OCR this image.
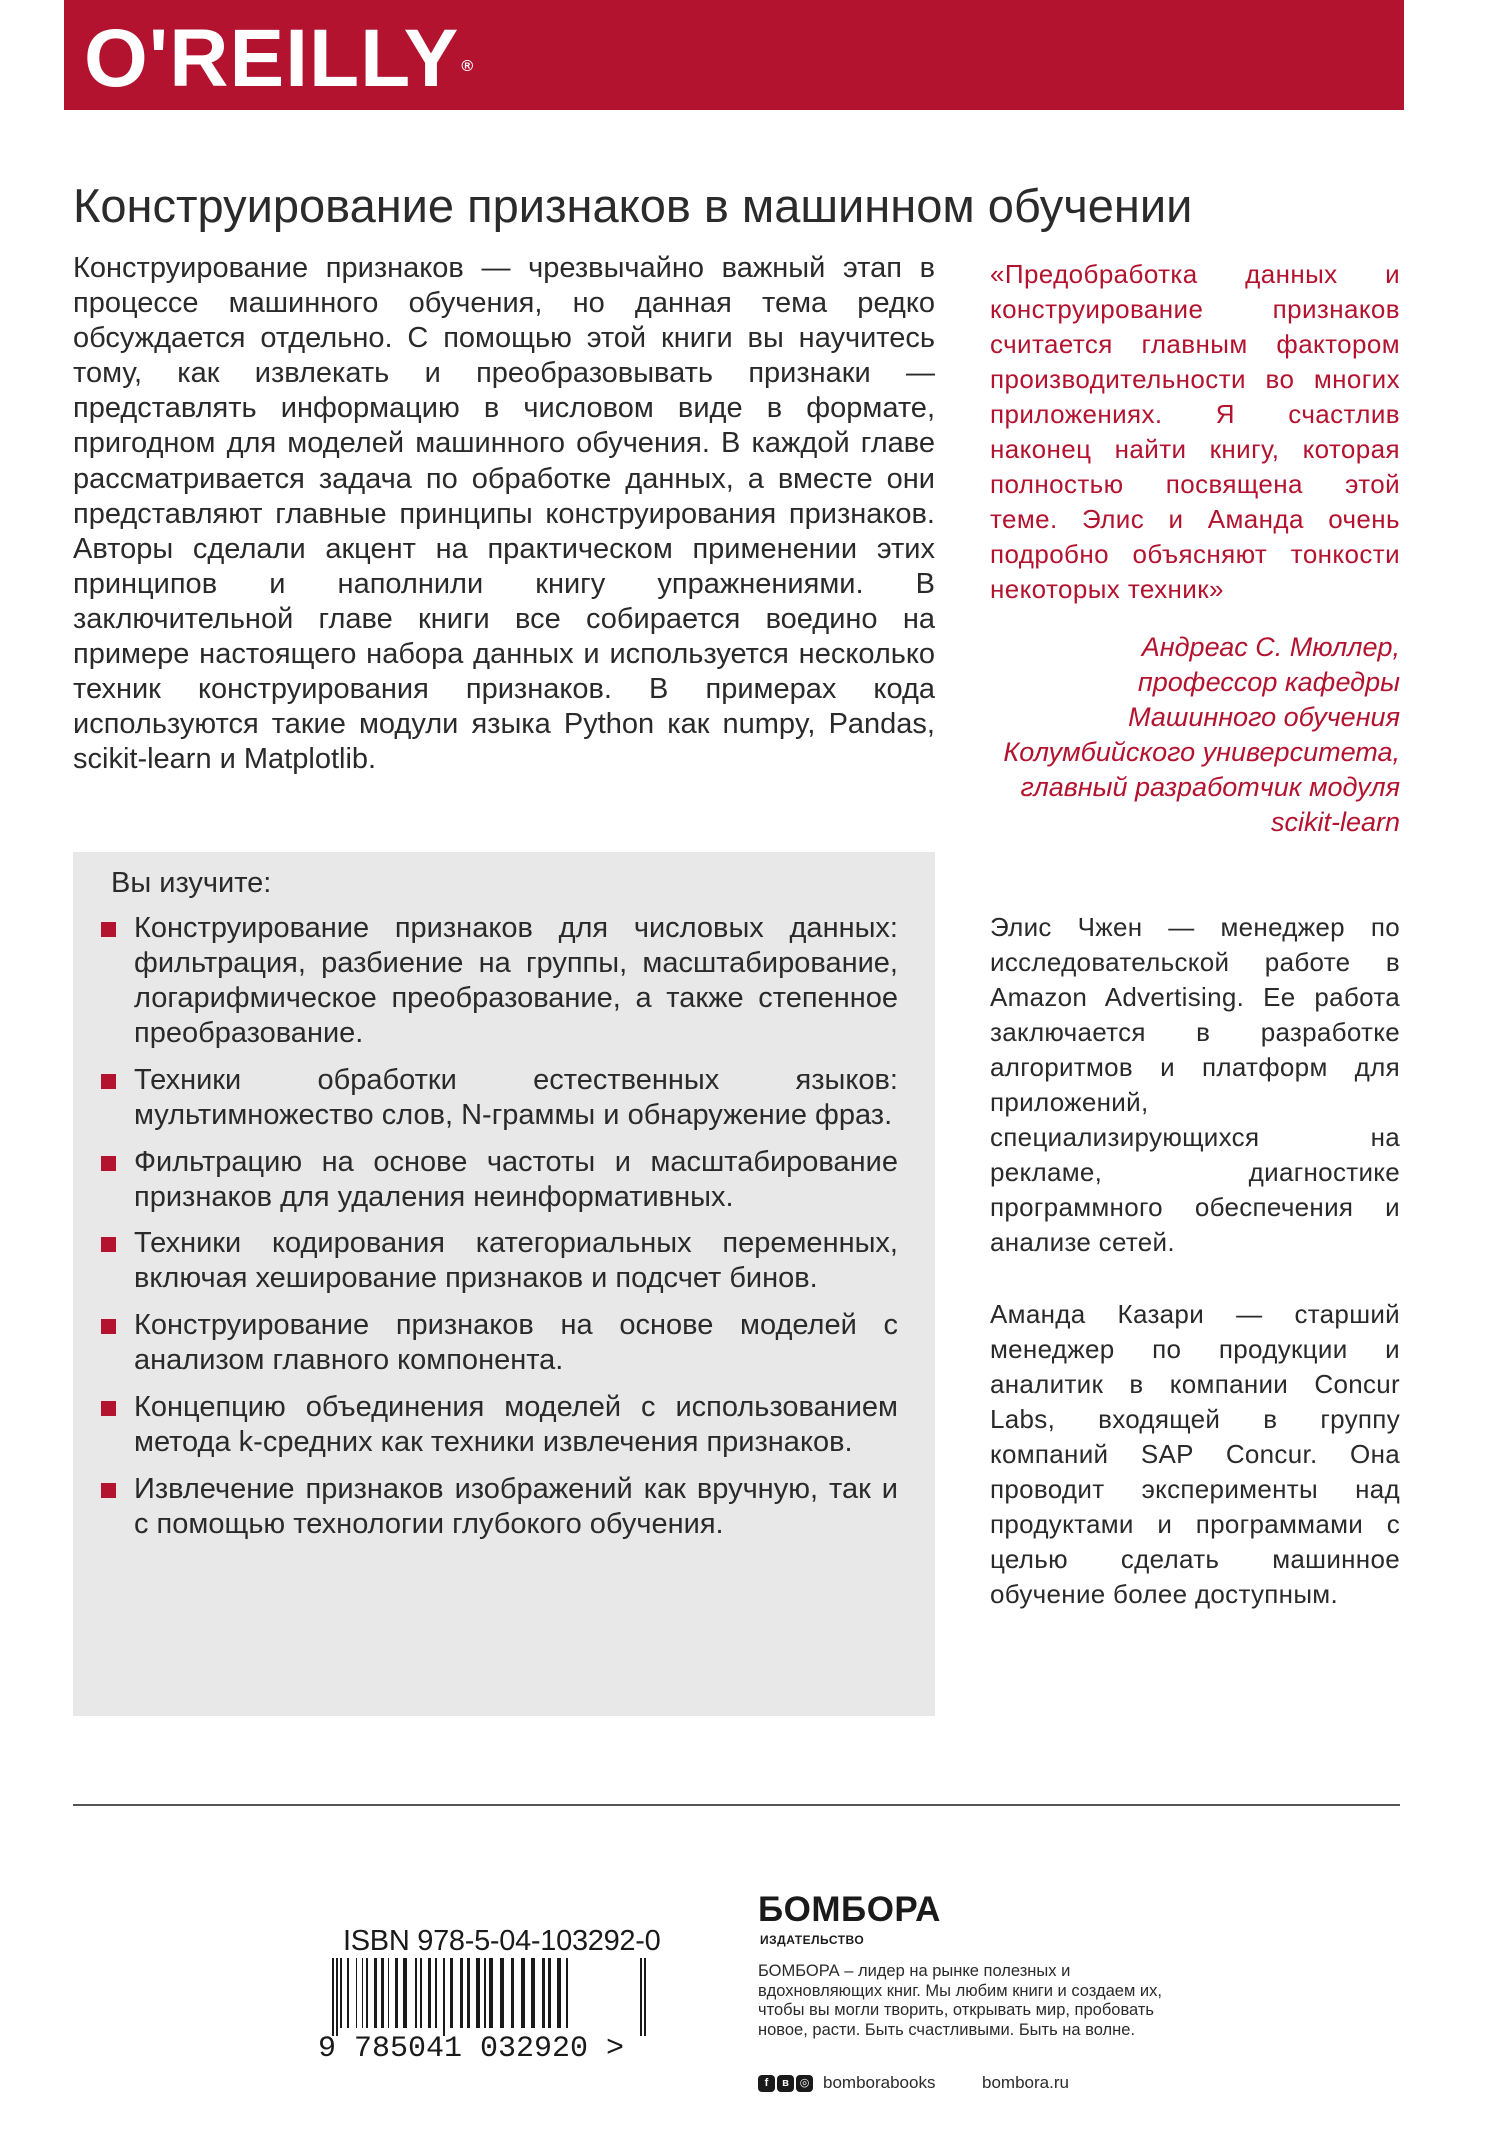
O'REILLY ®
Конструирование признаков в машинном обучении

Конструирование признаков — чрезвычайно важный этап в процессе машинного обучения, но данная тема редко обсуждается отдельно. С помощью этой книги вы научитесь тому, как извлекать и преобразовывать признаки — представлять информацию в числовом виде в формате, пригодном для моделей машинного обучения. В каждой главе рассматривается задача по обработке данных, а вместе они представляют главные принципы конструирования признаков. Авторы сделали акцент на практическом применении этих принципов и наполнили книгу упражнениями. В заключительной главе книги все собирается воедино на примере настоящего набора данных и используется несколько техник конструирования признаков. В примерах кода используются такие модули языка Python как numpy, Pandas, scikit-learn и Matplotlib.

«Предобработка данных и конструирование признаков считается главным фактором производительности во многих приложениях. Я счастлив наконец найти книгу, которая полностью посвящена этой теме. Элис и Аманда очень подробно объясняют тонкости некоторых техник»

Андреас С. Мюллер,
профессор кафедры
Машинного обучения
Колумбийского университета,
главный разработчик модуля
scikit-learn
Вы изучите:
Конструирование признаков для числовых данных: фильтрация, разбиение на группы, масштабирование, логарифмическое преобразование, а также степенное преобразование.
Техники обработки естественных языков: мультимножество слов, N-граммы и обнаружение фраз.
Фильтрацию на основе частоты и масштабирование признаков для удаления неинформативных.
Техники кодирования категориальных переменных, включая хеширование признаков и подсчет бинов.
Конструирование признаков на основе моделей с анализом главного компонента.
Концепцию объединения моделей с использованием метода k-средних как техники извлечения признаков.
Извлечение признаков изображений как вручную, так и с помощью технологии глубокого обучения.

Элис Чжен — менеджер по исследовательской работе в Amazon Advertising. Ее работа заключается в разработке алгоритмов и платформ для приложений, специализирующихся на рекламе, диагностике программного обеспечения и анализе сетей.

Аманда Казари — старший менеджер по продукции и аналитик в компании Concur Labs, входящей в группу компаний SAP Concur. Она проводит эксперименты над продуктами и программами с целью сделать машинное обучение более доступным.

ISBN 978-5-04-103292-0
9 785041 032920 >
БОМБОРА
ИЗДАТЕЛЬСТВО

БОМБОРА – лидер на рынке полезных и вдохновляющих книг. Мы любим книги и создаем их, чтобы вы могли творить, открывать мир, пробовать новое, расти. Быть счастливыми. Быть на волне.

f	в ◎ bomborabooks	bombora.ru
